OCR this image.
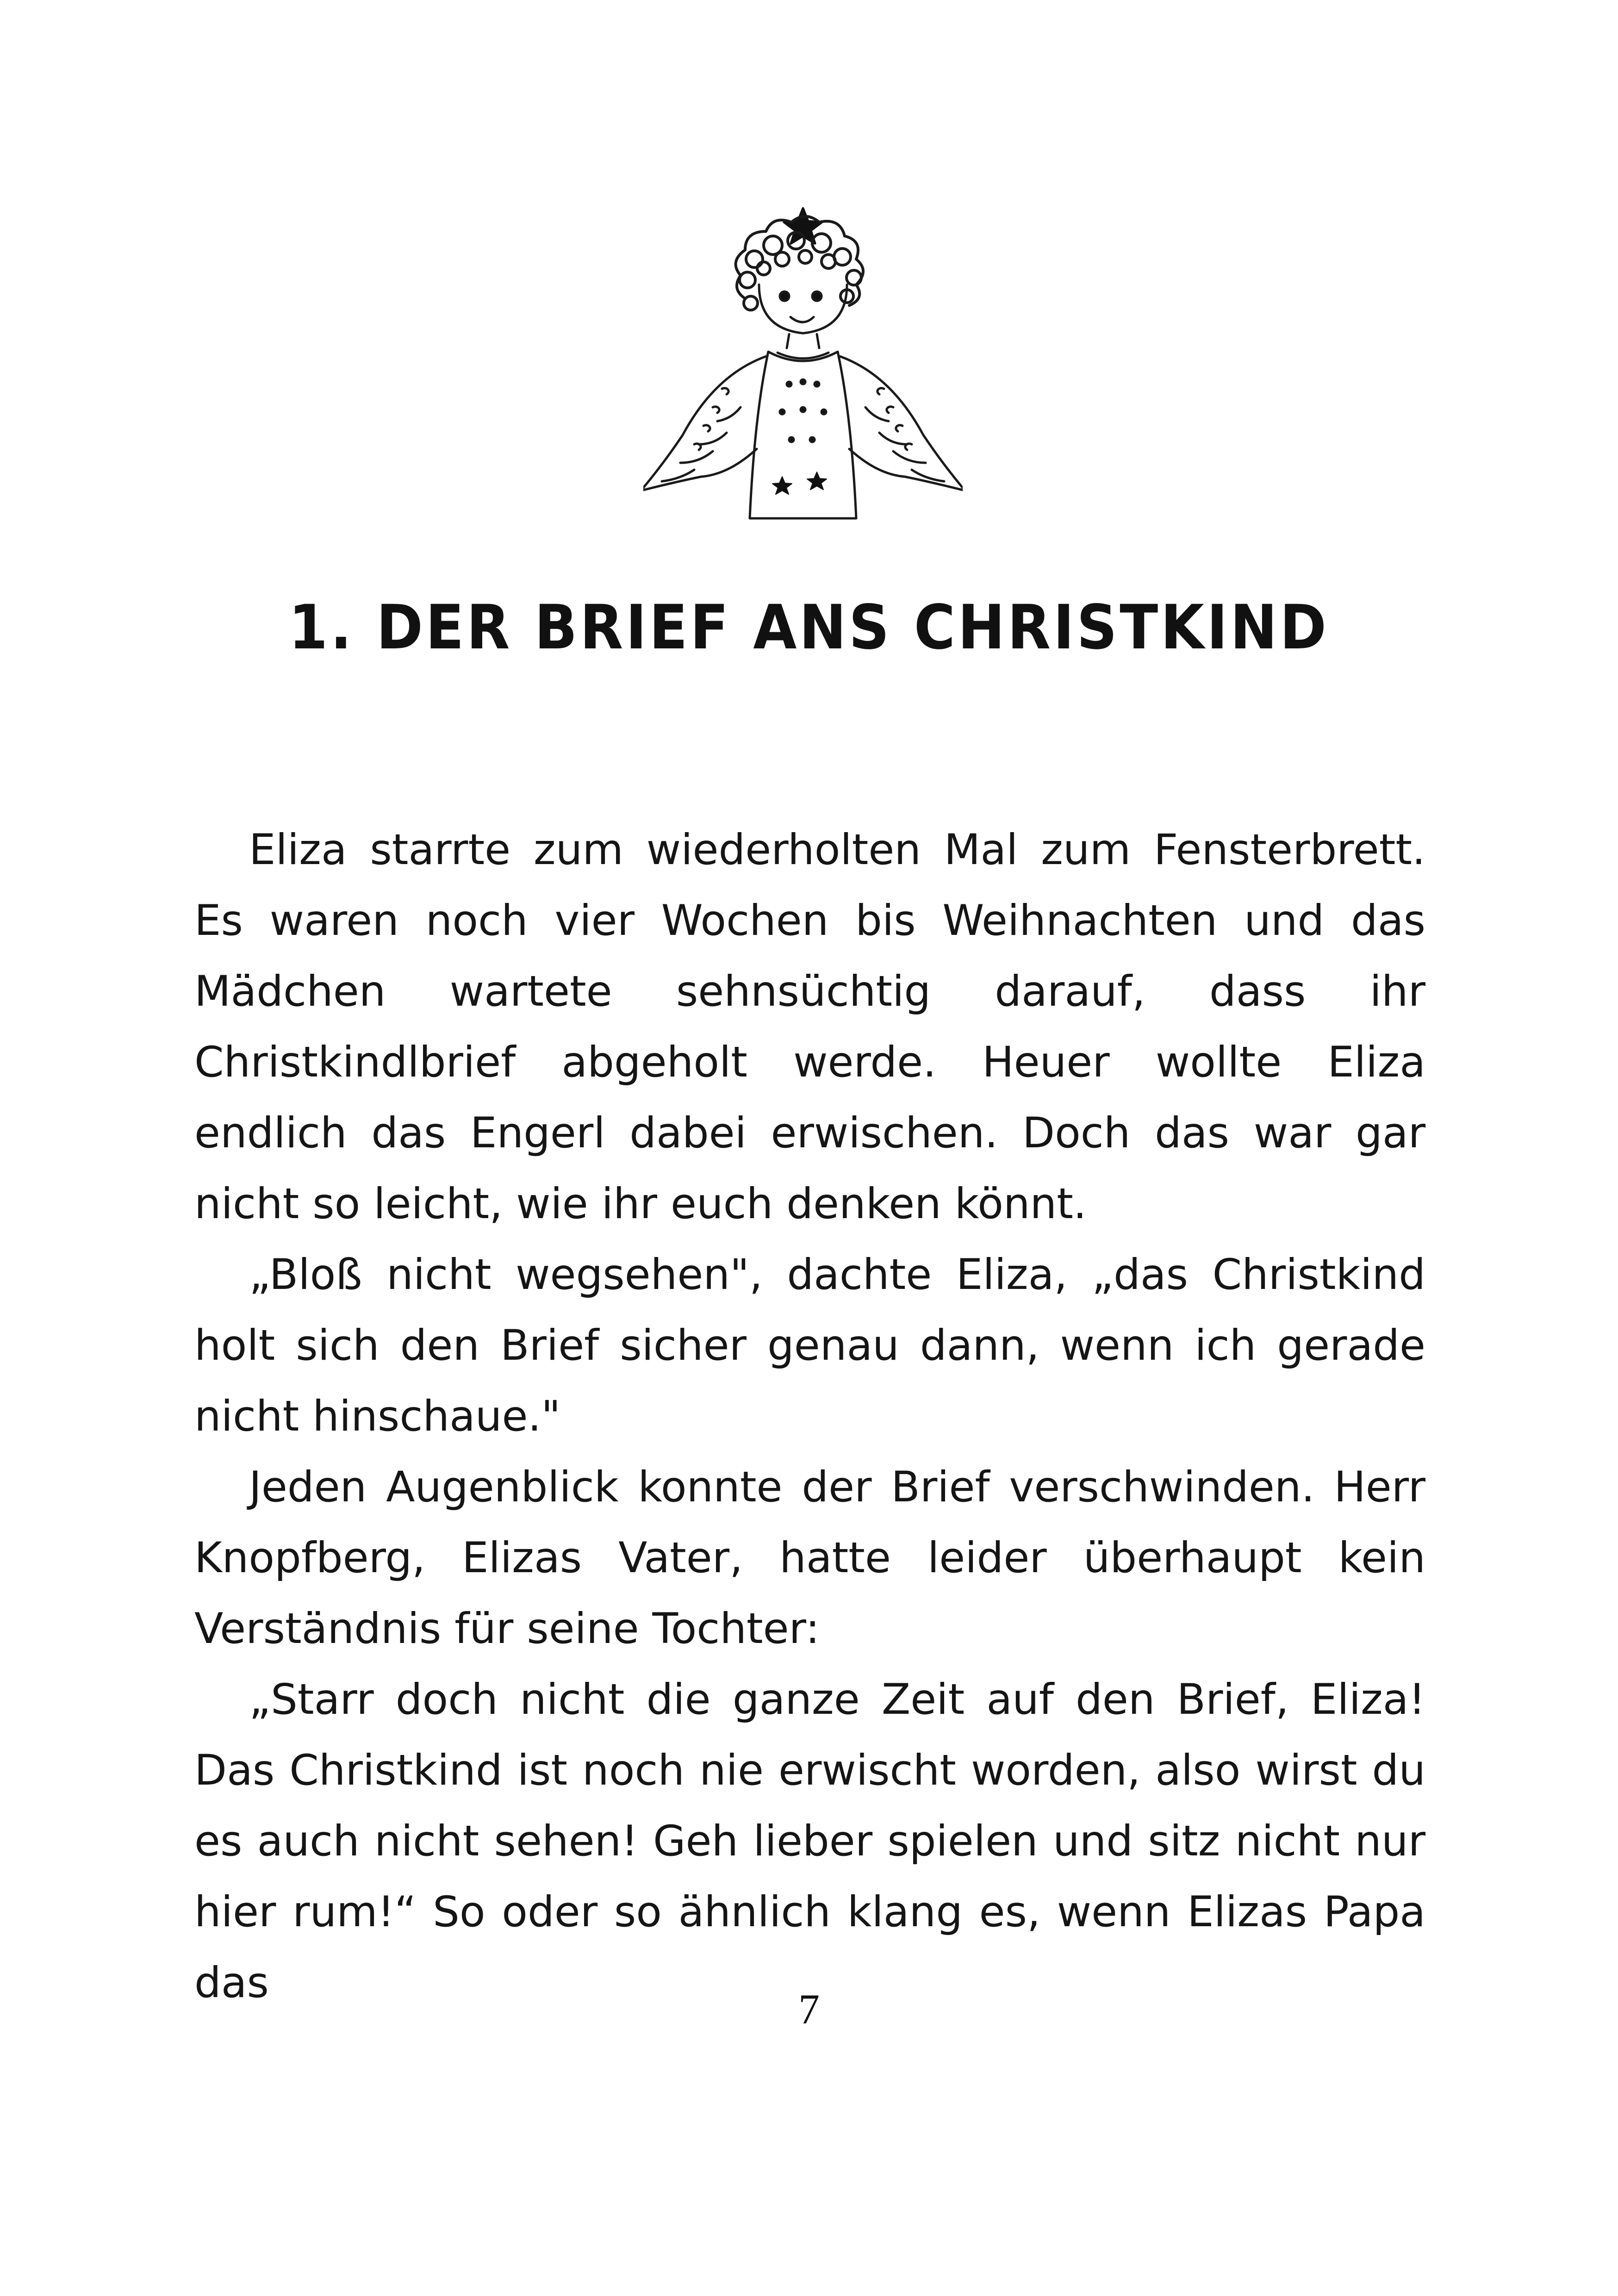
1. DER BRIEF ANS CHRISTKIND

Eliza starrte zum wiederholten Mal zum Fensterbrett. Es waren noch vier Wochen bis Weihnachten und das Mädchen wartete sehnsüchtig darauf, dass ihr Christkindlbrief abgeholt werde. Heuer wollte Eliza endlich das Engerl dabei erwischen. Doch das war gar nicht so leicht, wie ihr euch denken könnt.

„Bloß nicht wegsehen", dachte Eliza, „das Christkind holt sich den Brief sicher genau dann, wenn ich gerade nicht hinschaue."

Jeden Augenblick konnte der Brief verschwinden. Herr Knopfberg, Elizas Vater, hatte leider überhaupt kein Verständnis für seine Tochter:

„Starr doch nicht die ganze Zeit auf den Brief, Eliza! Das Christkind ist noch nie erwischt worden, also wirst du es auch nicht sehen! Geh lieber spielen und sitz nicht nur hier rum!“ So oder so ähnlich klang es, wenn Elizas Papa das

7
